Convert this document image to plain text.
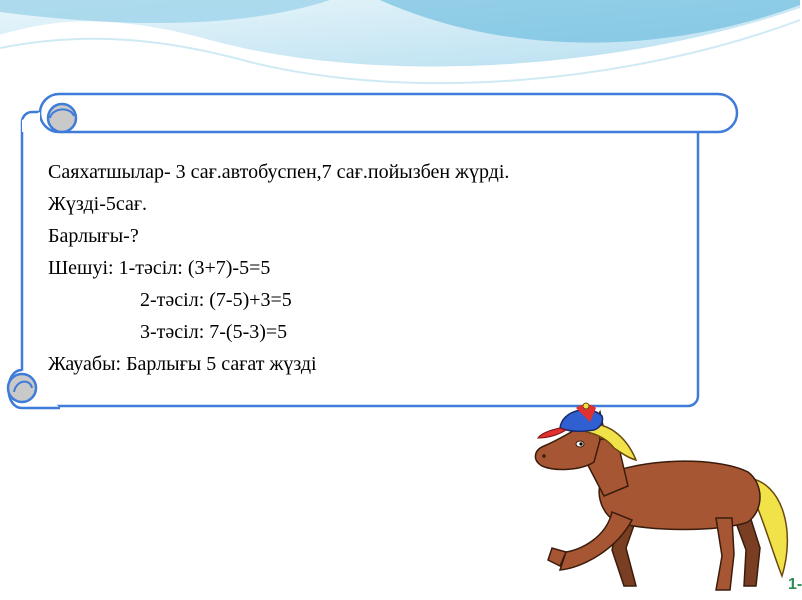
Саяхатшылар- 3 сағ.автобуспен,7 сағ.пойызбен жүрді.
Жүзді-5сағ.
Барлығы-?
Шешуі: 1-тәсіл: (3+7)-5=5
2-тәсіл: (7-5)+3=5
3-тәсіл: 7-(5-3)=5
Жауабы: Барлығы 5 сағат жүзді
1-
